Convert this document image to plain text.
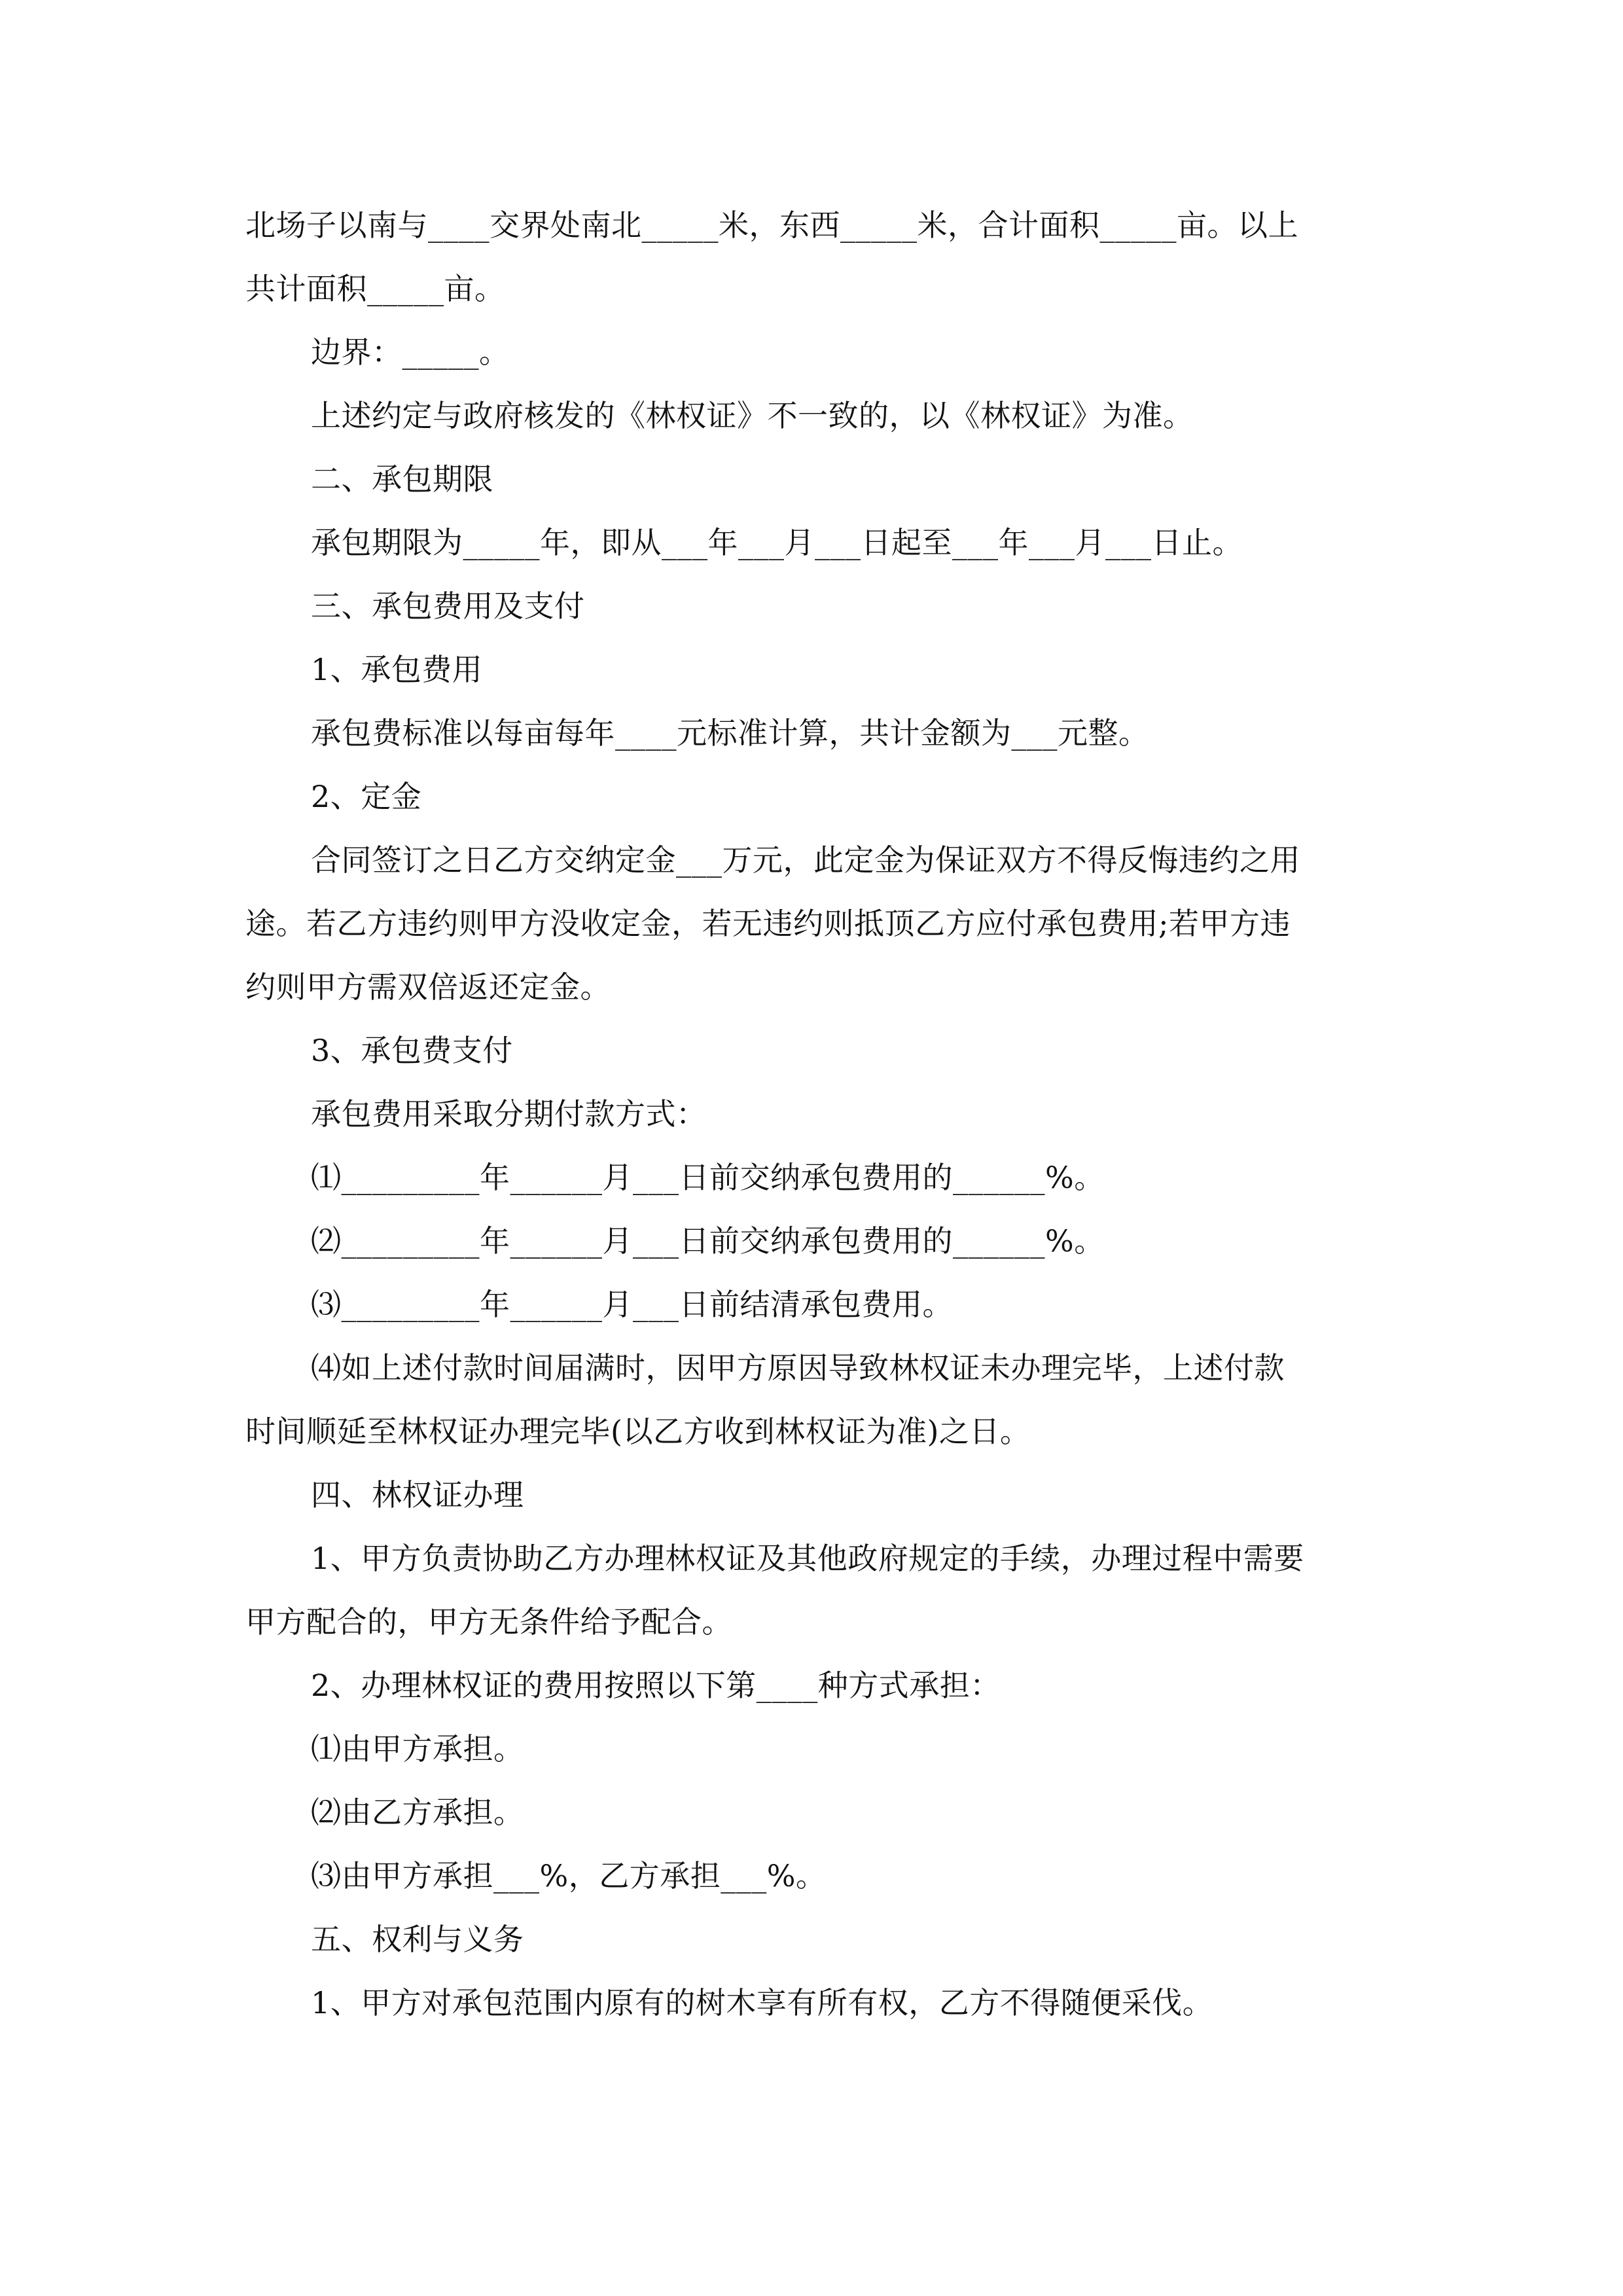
北场子以南与____交界处南北_____米，东西_____米，合计面积_____亩。以上
共计面积_____亩。
边界：_____。
上述约定与政府核发的《林权证》不一致的，以《林权证》为准。
二、承包期限
承包期限为_____年，即从___年___月___日起至___年___月___日止。
三、承包费用及支付
1、承包费用
承包费标准以每亩每年____元标准计算，共计金额为___元整。
2、定金
合同签订之日乙方交纳定金___万元，此定金为保证双方不得反悔违约之用
途。若乙方违约则甲方没收定金，若无违约则抵顶乙方应付承包费用;若甲方违
约则甲方需双倍返还定金。
3、承包费支付
承包费用采取分期付款方式：
⑴_________年______月___日前交纳承包费用的______%。
⑵_________年______月___日前交纳承包费用的______%。
⑶_________年______月___日前结清承包费用。
⑷如上述付款时间届满时，因甲方原因导致林权证未办理完毕，上述付款
时间顺延至林权证办理完毕(以乙方收到林权证为准)之日。
四、林权证办理
1、甲方负责协助乙方办理林权证及其他政府规定的手续，办理过程中需要
甲方配合的，甲方无条件给予配合。
2、办理林权证的费用按照以下第____种方式承担：
⑴由甲方承担。
⑵由乙方承担。
⑶由甲方承担___%，乙方承担___%。
五、权利与义务
1、甲方对承包范围内原有的树木享有所有权，乙方不得随便采伐。
